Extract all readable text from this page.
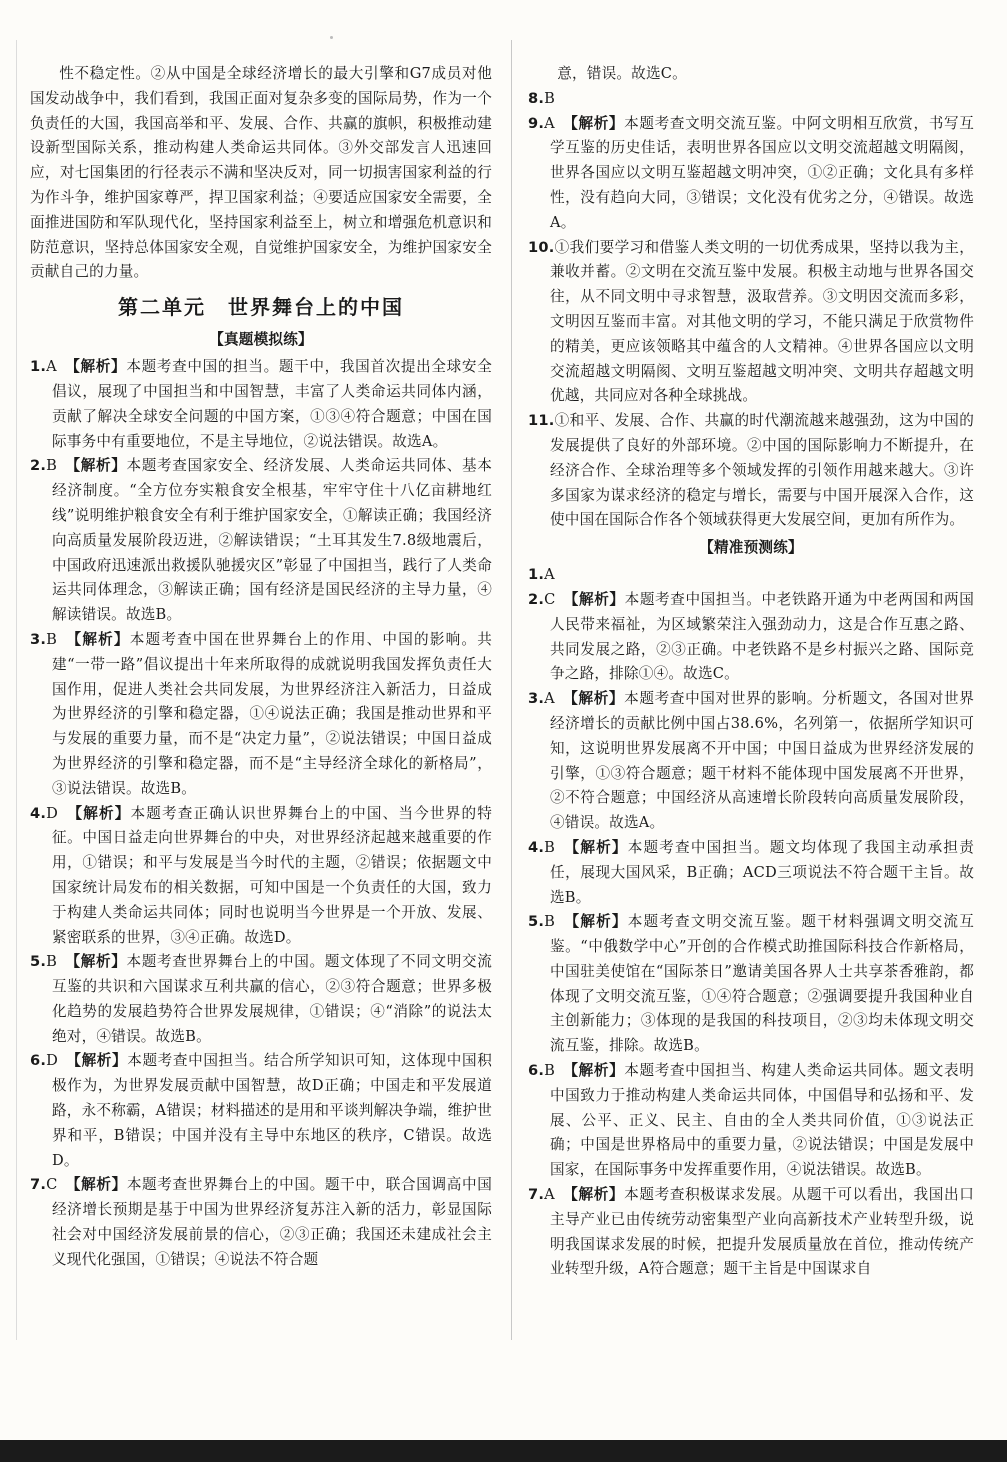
性不稳定性。②从中国是全球经济增长的最大引擎和G7成员对他国发动战争中，我们看到，我国正面对复杂多变的国际局势，作为一个负责任的大国，我国高举和平、发展、合作、共赢的旗帜，积极推动建设新型国际关系，推动构建人类命运共同体。③外交部发言人迅速回应，对七国集团的行径表示不满和坚决反对，同一切损害国家利益的行为作斗争，维护国家尊严，捍卫国家利益；④要适应国家安全需要，全面推进国防和军队现代化，坚持国家利益至上，树立和增强危机意识和防范意识，坚持总体国家安全观，自觉维护国家安全，为维护国家安全贡献自己的力量。

第二单元　世界舞台上的中国
【真题模拟练】

1.A　 【解析】本题考查中国的担当。题干中，我国首次提出全球安全倡议，展现了中国担当和中国智慧，丰富了人类命运共同体内涵，贡献了解决全球安全问题的中国方案，①③④符合题意；中国在国际事务中有重要地位，不是主导地位，②说法错误。故选A。

2.B　 【解析】本题考查国家安全、经济发展、人类命运共同体、基本经济制度。“全方位夯实粮食安全根基，牢牢守住十八亿亩耕地红线”说明维护粮食安全有利于维护国家安全，①解读正确；我国经济向高质量发展阶段迈进，②解读错误；“土耳其发生7.8级地震后，中国政府迅速派出救援队驰援灾区”彰显了中国担当，践行了人类命运共同体理念，③解读正确；国有经济是国民经济的主导力量，④解读错误。故选B。

3.B　 【解析】本题考查中国在世界舞台上的作用、中国的影响。共建“一带一路”倡议提出十年来所取得的成就说明我国发挥负责任大国作用，促进人类社会共同发展，为世界经济注入新活力，日益成为世界经济的引擎和稳定器，①④说法正确；我国是推动世界和平与发展的重要力量，而不是“决定力量”，②说法错误；中国日益成为世界经济的引擎和稳定器，而不是“主导经济全球化的新格局”，③说法错误。故选B。

4.D　 【解析】本题考查正确认识世界舞台上的中国、当今世界的特征。中国日益走向世界舞台的中央，对世界经济起越来越重要的作用，①错误；和平与发展是当今时代的主题，②错误；依据题文中国家统计局发布的相关数据，可知中国是一个负责任的大国，致力于构建人类命运共同体；同时也说明当今世界是一个开放、发展、紧密联系的世界，③④正确。故选D。

5.B　 【解析】本题考查世界舞台上的中国。题文体现了不同文明交流互鉴的共识和六国谋求互利共赢的信心，②③符合题意；世界多极化趋势的发展趋势符合世界发展规律，①错误；④“消除”的说法太绝对，④错误。故选B。

6.D　 【解析】本题考查中国担当。结合所学知识可知，这体现中国积极作为，为世界发展贡献中国智慧，故D正确；中国走和平发展道路，永不称霸，A错误；材料描述的是用和平谈判解决争端，维护世界和平，B错误；中国并没有主导中东地区的秩序，C错误。故选D。

7.C　 【解析】本题考查世界舞台上的中国。题干中，联合国调高中国经济增长预期是基于中国为世界经济复苏注入新的活力，彰显国际社会对中国经济发展前景的信心，②③正确；我国还未建成社会主义现代化强国，①错误；④说法不符合题

意，错误。故选C。

8.B

9.A　 【解析】本题考查文明交流互鉴。中阿文明相互欣赏，书写互学互鉴的历史佳话，表明世界各国应以文明交流超越文明隔阂，世界各国应以文明互鉴超越文明冲突，①②正确；文化具有多样性，没有趋向大同，③错误；文化没有优劣之分，④错误。故选A。

10.①我们要学习和借鉴人类文明的一切优秀成果，坚持以我为主，兼收并蓄。②文明在交流互鉴中发展。积极主动地与世界各国交往，从不同文明中寻求智慧，汲取营养。③文明因交流而多彩，文明因互鉴而丰富。对其他文明的学习，不能只满足于欣赏物件的精美，更应该领略其中蕴含的人文精神。④世界各国应以文明交流超越文明隔阂、文明互鉴超越文明冲突、文明共存超越文明优越，共同应对各种全球挑战。

11.①和平、发展、合作、共赢的时代潮流越来越强劲，这为中国的发展提供了良好的外部环境。②中国的国际影响力不断提升，在经济合作、全球治理等多个领域发挥的引领作用越来越大。③许多国家为谋求经济的稳定与增长，需要与中国开展深入合作，这使中国在国际合作各个领域获得更大发展空间，更加有所作为。

【精准预测练】

1.A

2.C　 【解析】本题考查中国担当。中老铁路开通为中老两国和两国人民带来福祉，为区域繁荣注入强劲动力，这是合作互惠之路、共同发展之路，②③正确。中老铁路不是乡村振兴之路、国际竞争之路，排除①④。故选C。

3.A　 【解析】本题考查中国对世界的影响。分析题文，各国对世界经济增长的贡献比例中国占38.6%，名列第一，依据所学知识可知，这说明世界发展离不开中国；中国日益成为世界经济发展的引擎，①③符合题意；题干材料不能体现中国发展离不开世界，②不符合题意；中国经济从高速增长阶段转向高质量发展阶段，④错误。故选A。

4.B　 【解析】本题考查中国担当。题文均体现了我国主动承担责任，展现大国风采，B正确；ACD三项说法不符合题干主旨。故选B。

5.B　 【解析】本题考查文明交流互鉴。题干材料强调文明交流互鉴。“中俄数学中心”开创的合作模式助推国际科技合作新格局，中国驻美使馆在“国际茶日”邀请美国各界人士共享茶香雅韵，都体现了文明交流互鉴，①④符合题意；②强调要提升我国种业自主创新能力；③体现的是我国的科技项目，②③均未体现文明交流互鉴，排除。故选B。

6.B　 【解析】本题考查中国担当、构建人类命运共同体。题文表明中国致力于推动构建人类命运共同体，中国倡导和弘扬和平、发展、公平、正义、民主、自由的全人类共同价值，①③说法正确；中国是世界格局中的重要力量，②说法错误；中国是发展中国家，在国际事务中发挥重要作用，④说法错误。故选B。

7.A　 【解析】本题考查积极谋求发展。从题干可以看出，我国出口主导产业已由传统劳动密集型产业向高新技术产业转型升级，说明我国谋求发展的时候，把提升发展质量放在首位，推动传统产业转型升级，A符合题意；题干主旨是中国谋求自
